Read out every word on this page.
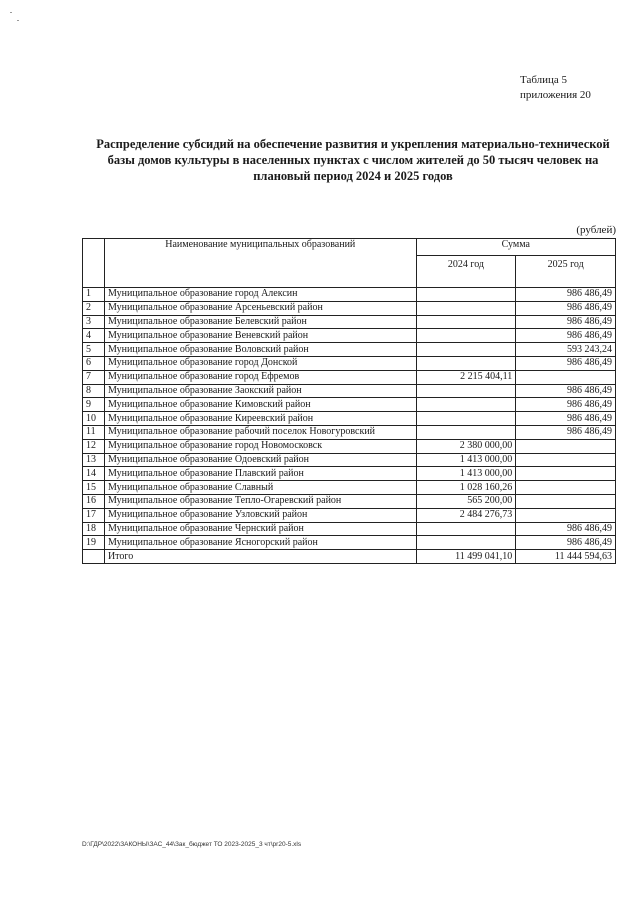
Таблица 5
приложения 20
Распределение субсидий на обеспечение развития и укрепления материально-технической базы домов культуры в населенных пунктах с числом жителей до 50 тысяч человек на плановый период 2024 и 2025 годов
(рублей)
	Наименование муниципальных образований	Сумма	
		2024 год	2025 год
1	Муниципальное образование город Алексин		986 486,49
2	Муниципальное образование Арсеньевский район		986 486,49
3	Муниципальное образование Белевский район		986 486,49
4	Муниципальное образование Веневский район		986 486,49
5	Муниципальное образование Воловский район		593 243,24
6	Муниципальное образование город Донской		986 486,49
7	Муниципальное образование город Ефремов	2 215 404,11	
8	Муниципальное образование Заокский район		986 486,49
9	Муниципальное образование Кимовский район		986 486,49
10	Муниципальное образование Киреевский район		986 486,49
11	Муниципальное образование рабочий поселок Новогуровский		986 486,49
12	Муниципальное образование город Новомосковск	2 380 000,00	
13	Муниципальное образование Одоевский район	1 413 000,00	
14	Муниципальное образование Плавский район	1 413 000,00	
15	Муниципальное образование Славный	1 028 160,26	
16	Муниципальное образование Тепло-Огаревский район	565 200,00	
17	Муниципальное образование Узловский район	2 484 276,73	
18	Муниципальное образование Чернский район		986 486,49
19	Муниципальное образование Ясногорский район		986 486,49
	Итого	11 499 041,10	11 444 594,63
D:\ГДР\2022\ЗАКОНЫ\ЗАС_44\Зак_бюджет ТО 2023-2025_3 чт\pr20-5.xls
